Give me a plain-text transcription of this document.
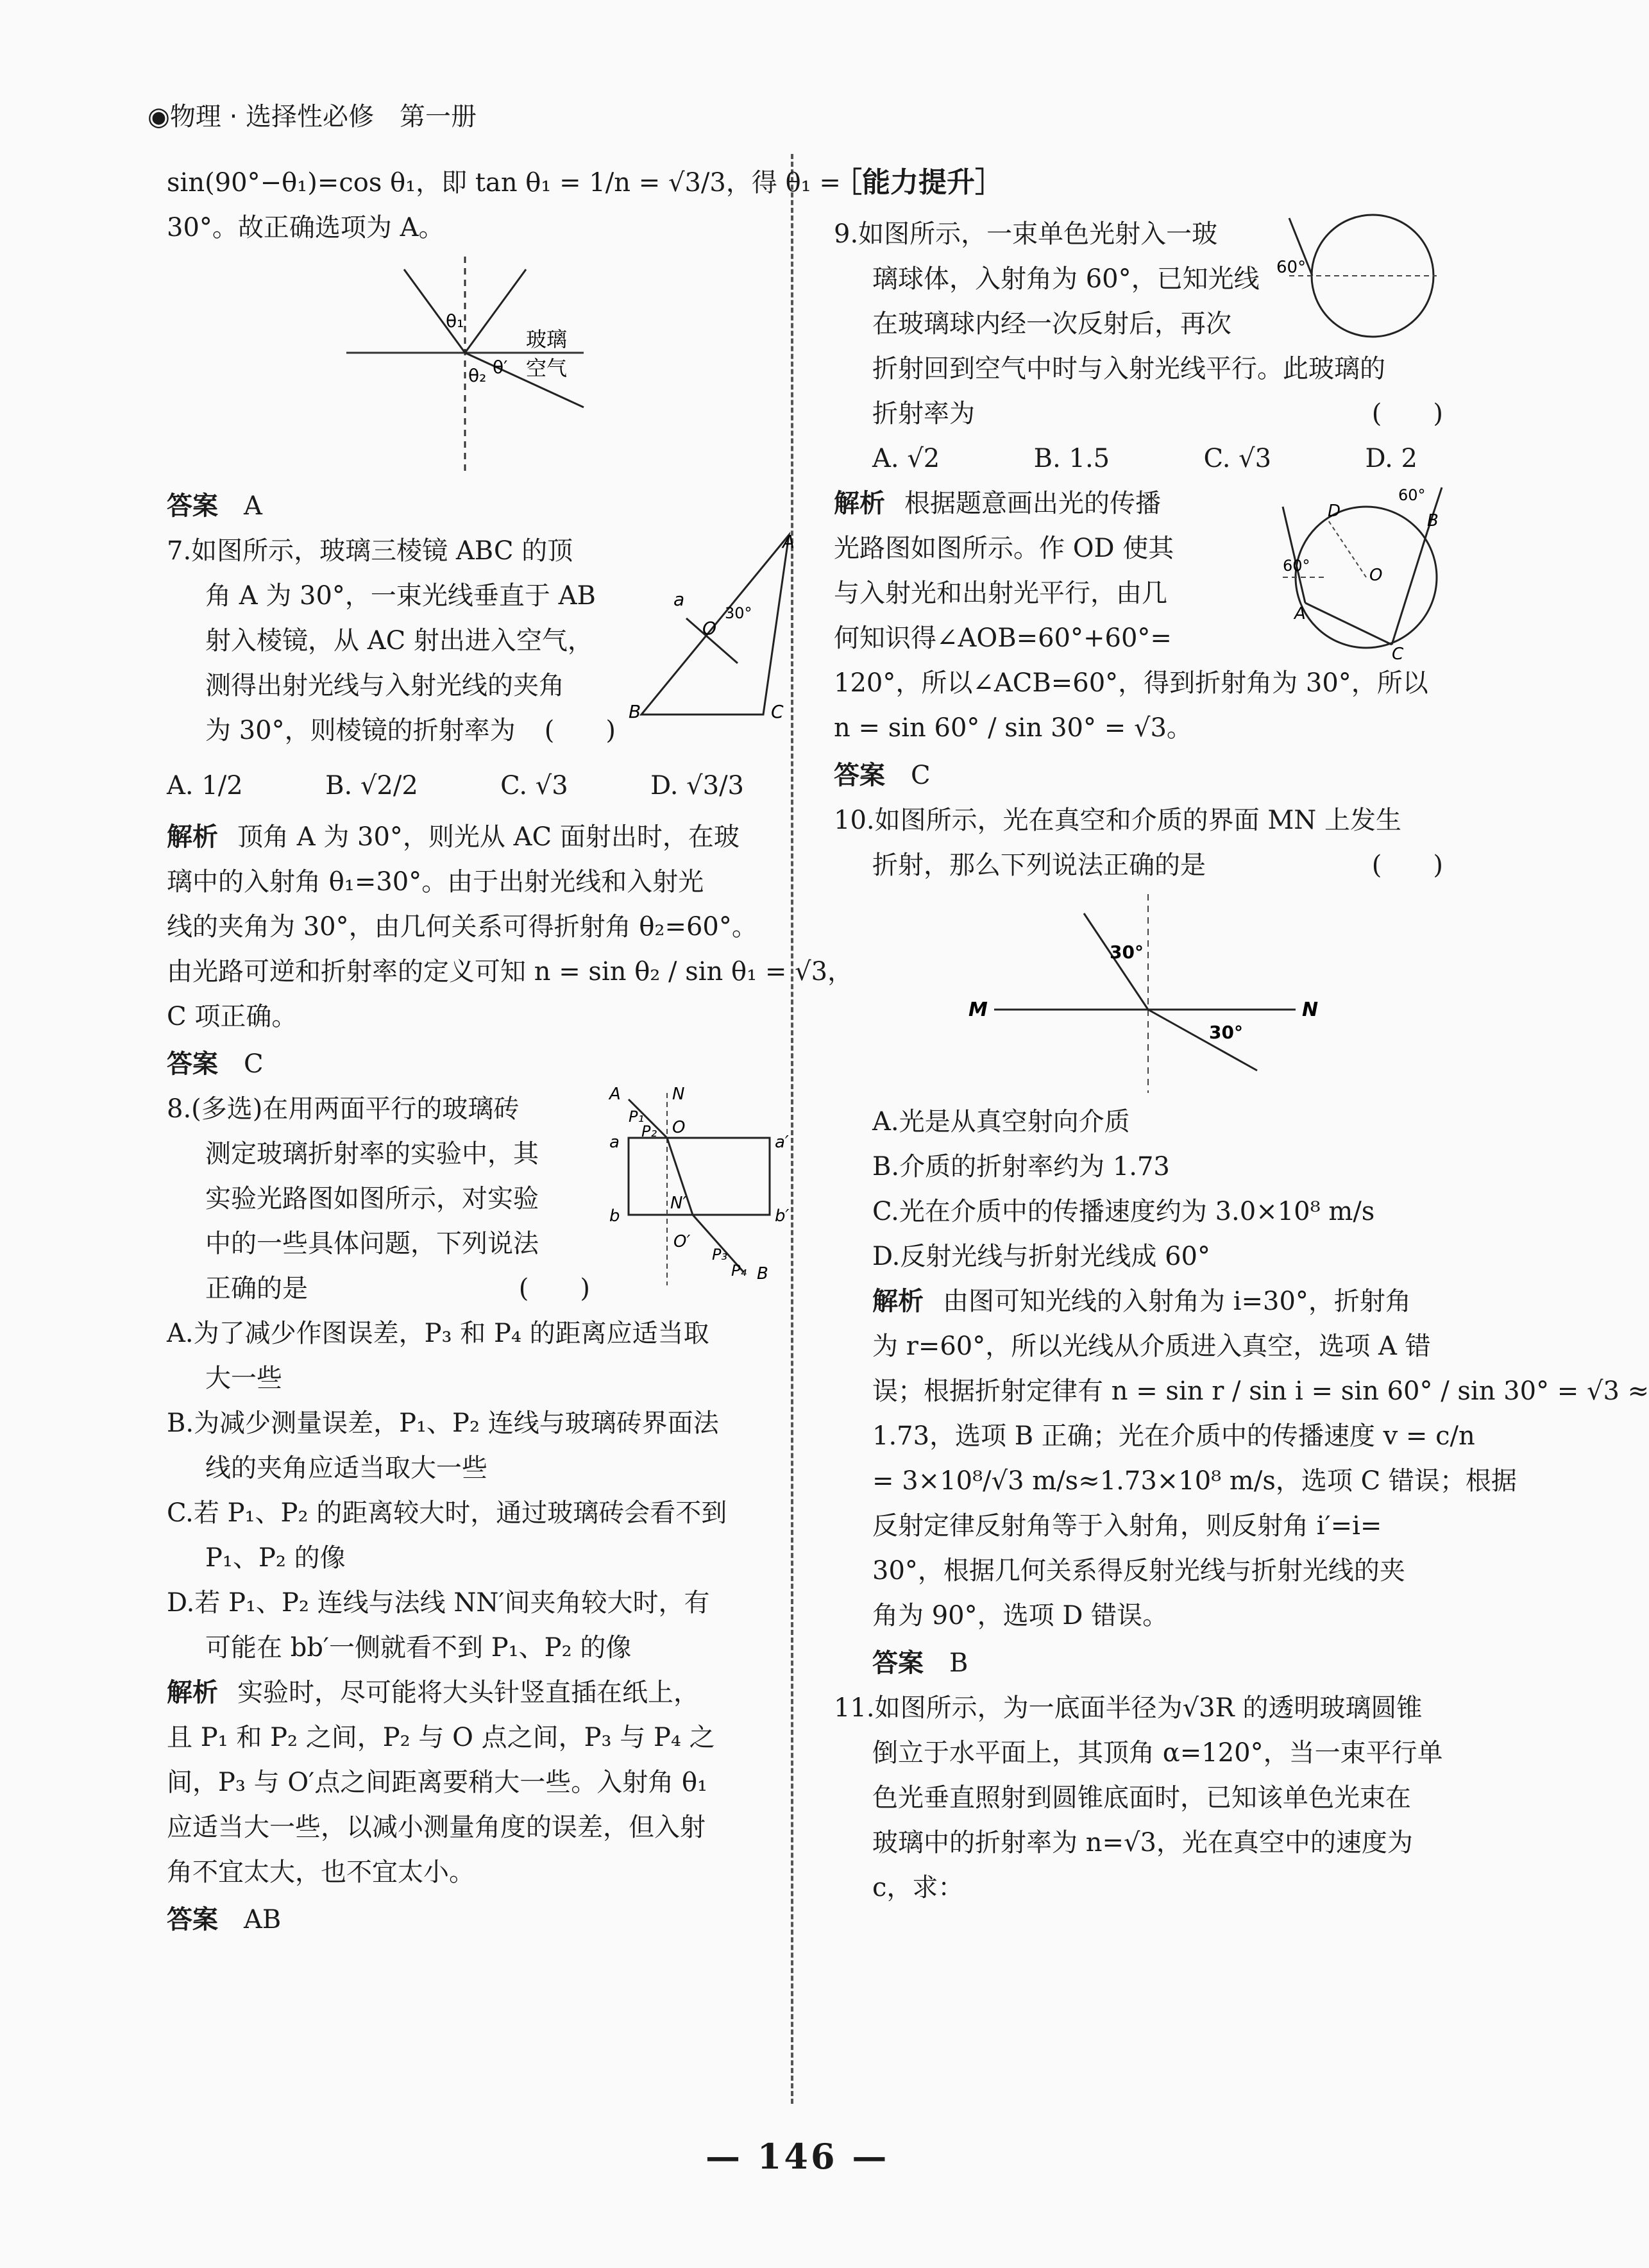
◉物理 · 选择性必修　第一册
sin(90°−θ₁)=cos θ₁，即 tan θ₁ = 1/n = √3/3，得 θ₁ =
30°。故正确选项为 A。
θ₁
θ′
θ₂
玻璃
空气
答案 A
a
A
O
30°
B	C
7.如图所示，玻璃三棱镜 ABC 的顶
角 A 为 30°，一束光线垂直于 AB
射入棱镜，从 AC 射出进入空气，
测得出射光线与入射光线的夹角
为 30°，则棱镜的折射率为 (　　)
A. 1/2	B. √2/2	C. √3	D. √3/3
解析 顶角 A 为 30°，则光从 AC 面射出时，在玻
璃中的入射角 θ₁=30°。由于出射光线和入射光
线的夹角为 30°，由几何关系可得折射角 θ₂=60°。
由光路可逆和折射率的定义可知 n = sin θ₂ / sin θ₁ = √3，
C 项正确。
答案 C
A	N
P₁
P₂ O
a	a′
b	b′
N′
O′
P₃
P₄ B
8.(多选)在用两面平行的玻璃砖
测定玻璃折射率的实验中，其
实验光路图如图所示，对实验
中的一些具体问题，下列说法
正确的是	(　　)
A.为了减少作图误差，P₃ 和 P₄ 的距离应适当取
大一些
B.为减少测量误差，P₁、P₂ 连线与玻璃砖界面法
线的夹角应适当取大一些
C.若 P₁、P₂ 的距离较大时，通过玻璃砖会看不到
P₁、P₂ 的像
D.若 P₁、P₂ 连线与法线 NN′间夹角较大时，有
可能在 bb′一侧就看不到 P₁、P₂ 的像
解析 实验时，尽可能将大头针竖直插在纸上，
且 P₁ 和 P₂ 之间，P₂ 与 O 点之间，P₃ 与 P₄ 之
间，P₃ 与 O′点之间距离要稍大一些。入射角 θ₁
应适当大一些，以减小测量角度的误差，但入射
角不宜太大，也不宜太小。
答案 AB
［能力提升］
60°
9.如图所示，一束单色光射入一玻
璃球体，入射角为 60°，已知光线
在玻璃球内经一次反射后，再次
折射回到空气中时与入射光线平行。此玻璃的
折射率为	(　　)
A. √2	B. 1.5	C. √3	D. 2
D	B
60°
60°
A
O
C
解析 根据题意画出光的传播
光路图如图所示。作 OD 使其
与入射光和出射光平行，由几
何知识得∠AOB=60°+60°=
120°，所以∠ACB=60°，得到折射角为 30°，所以
n = sin 60° / sin 30° = √3。
答案 C
10.如图所示，光在真空和介质的界面 MN 上发生
折射，那么下列说法正确的是	(　　)
M	N
30°
30°
A.光是从真空射向介质
B.介质的折射率约为 1.73
C.光在介质中的传播速度约为 3.0×10⁸ m/s
D.反射光线与折射光线成 60°
解析 由图可知光线的入射角为 i=30°，折射角
为 r=60°，所以光线从介质进入真空，选项 A 错
误；根据折射定律有 n = sin r / sin i = sin 60° / sin 30° = √3 ≈
1.73，选项 B 正确；光在介质中的传播速度 v = c/n
= 3×10⁸/√3 m/s≈1.73×10⁸ m/s，选项 C 错误；根据
反射定律反射角等于入射角，则反射角 i′=i=
30°，根据几何关系得反射光线与折射光线的夹
角为 90°，选项 D 错误。
答案 B
11.如图所示，为一底面半径为√3R 的透明玻璃圆锥
倒立于水平面上，其顶角 α=120°，当一束平行单
色光垂直照射到圆锥底面时，已知该单色光束在
玻璃中的折射率为 n=√3，光在真空中的速度为
c，求：
— 146 —
